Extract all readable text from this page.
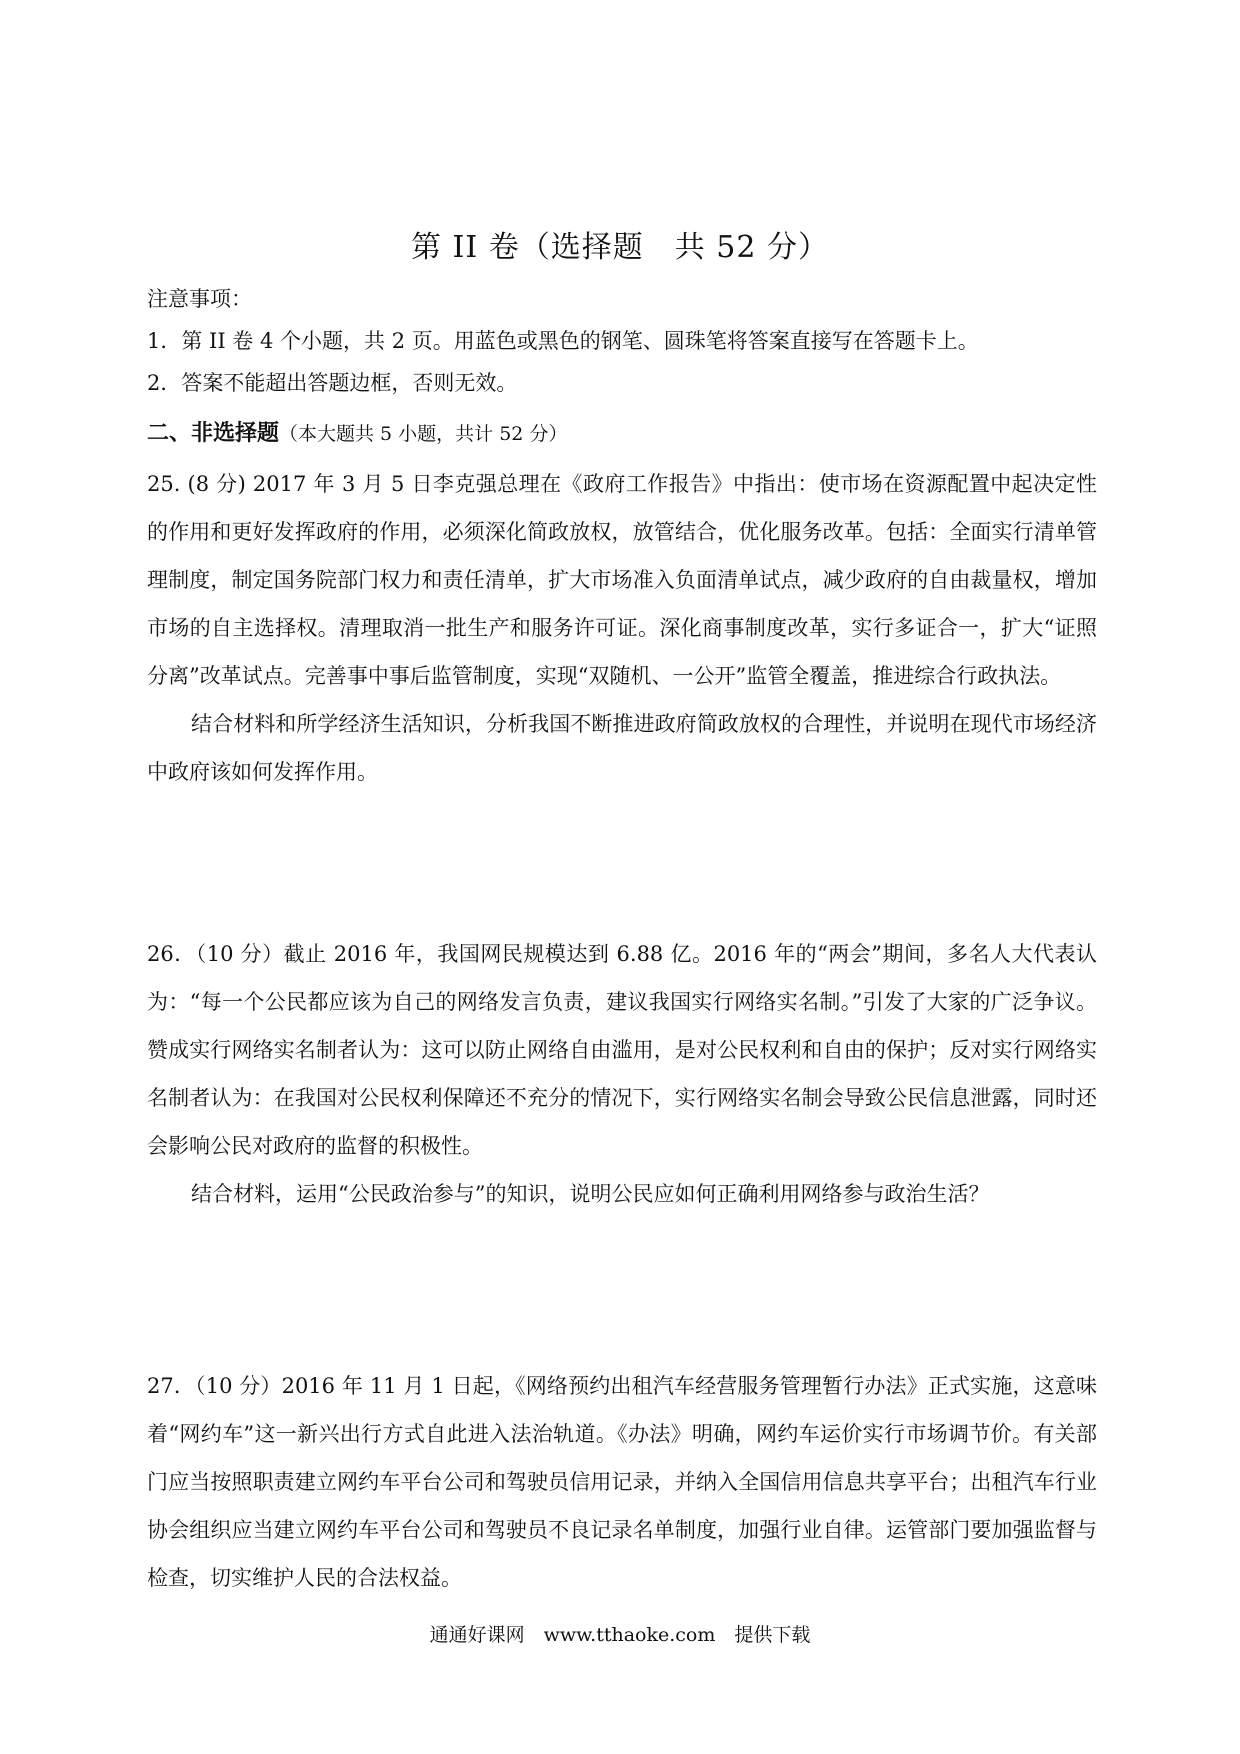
第 II 卷（选择题　共 52 分）

注意事项：

1．第 II 卷 4 个小题，共 2 页。用蓝色或黑色的钢笔、圆珠笔将答案直接写在答题卡上。

2．答案不能超出答题边框，否则无效。

二、非选择题（本大题共 5 小题，共计 52 分）

25. (8 分) 2017 年 3 月 5 日李克强总理在《政府工作报告》中指出：使市场在资源配置中起决定性的作用和更好发挥政府的作用，必须深化简政放权，放管结合，优化服务改革。包括：全面实行清单管理制度，制定国务院部门权力和责任清单，扩大市场准入负面清单试点，减少政府的自由裁量权，增加市场的自主选择权。清理取消一批生产和服务许可证。深化商事制度改革，实行多证合一，扩大“证照分离”改革试点。完善事中事后监管制度，实现“双随机、一公开”监管全覆盖，推进综合行政执法。

结合材料和所学经济生活知识，分析我国不断推进政府简政放权的合理性，并说明在现代市场经济中政府该如何发挥作用。

26．（10 分）截止 2016 年，我国网民规模达到 6.88 亿。2016 年的“两会”期间，多名人大代表认为：“每一个公民都应该为自己的网络发言负责，建议我国实行网络实名制。”引发了大家的广泛争议。赞成实行网络实名制者认为：这可以防止网络自由滥用，是对公民权利和自由的保护；反对实行网络实名制者认为：在我国对公民权利保障还不充分的情况下，实行网络实名制会导致公民信息泄露，同时还会影响公民对政府的监督的积极性。

结合材料，运用“公民政治参与”的知识，说明公民应如何正确利用网络参与政治生活？

27．（10 分）2016 年 11 月 1 日起，《网络预约出租汽车经营服务管理暂行办法》正式实施，这意味着“网约车”这一新兴出行方式自此进入法治轨道。《办法》明确，网约车运价实行市场调节价。有关部门应当按照职责建立网约车平台公司和驾驶员信用记录，并纳入全国信用信息共享平台；出租汽车行业协会组织应当建立网约车平台公司和驾驶员不良记录名单制度，加强行业自律。运管部门要加强监督与检查，切实维护人民的合法权益。

通通好课网　www.tthaoke.com　提供下载
